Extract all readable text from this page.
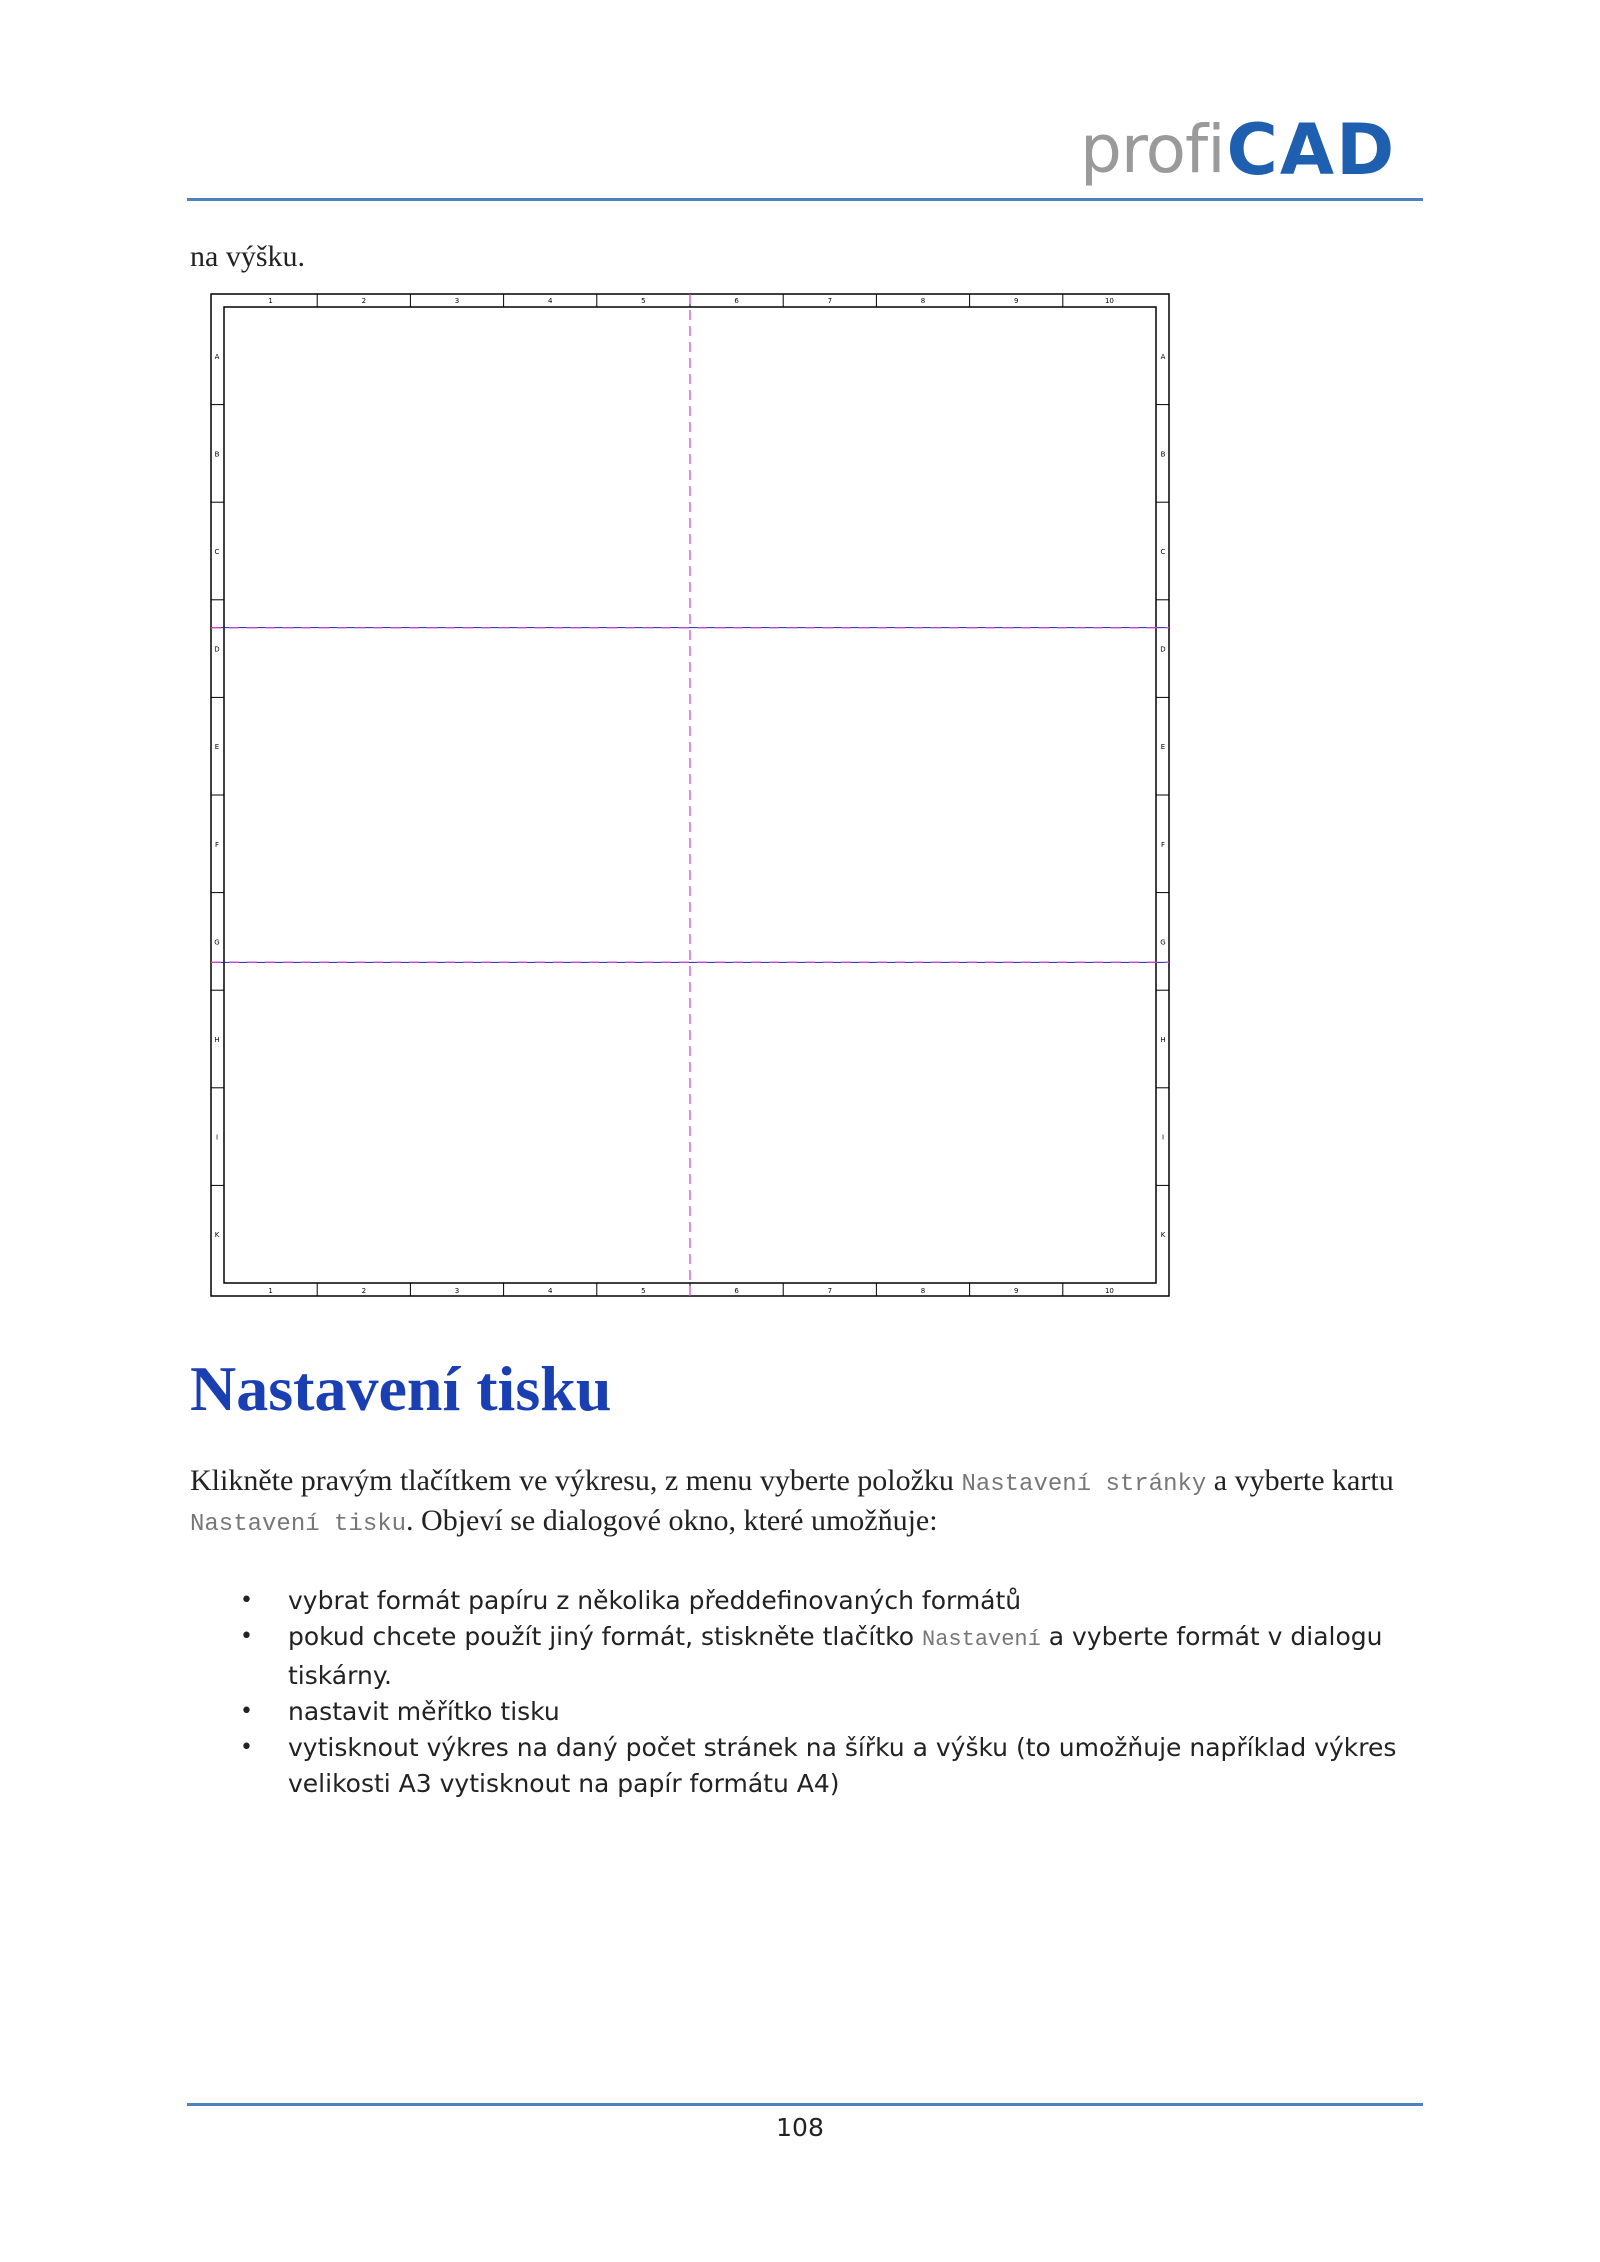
profi CAD
na výšku.
1
1
2
2
3
3
4
4
5
5
6
6
7
7
8
8
9
9
10
10
A	A
B	B
C	C
D	D
E	E
F	F
G	G
H	H
I	I
K	K
Nastavení tisku
Klikněte pravým tlačítkem ve výkresu, z menu vyberte položku Nastavení stránky a vyberte kartu Nastavení tisku. Objeví se dialogové okno, které umožňuje:
• vybrat formát papíru z několika předdefinovaných formátů
• pokud chcete použít jiný formát, stiskněte tlačítko Nastavení a vyberte formát v dialogu tiskárny.
• nastavit měřítko tisku
• vytisknout výkres na daný počet stránek na šířku a výšku (to umožňuje například výkres velikosti A3 vytisknout na papír formátu A4)
108
